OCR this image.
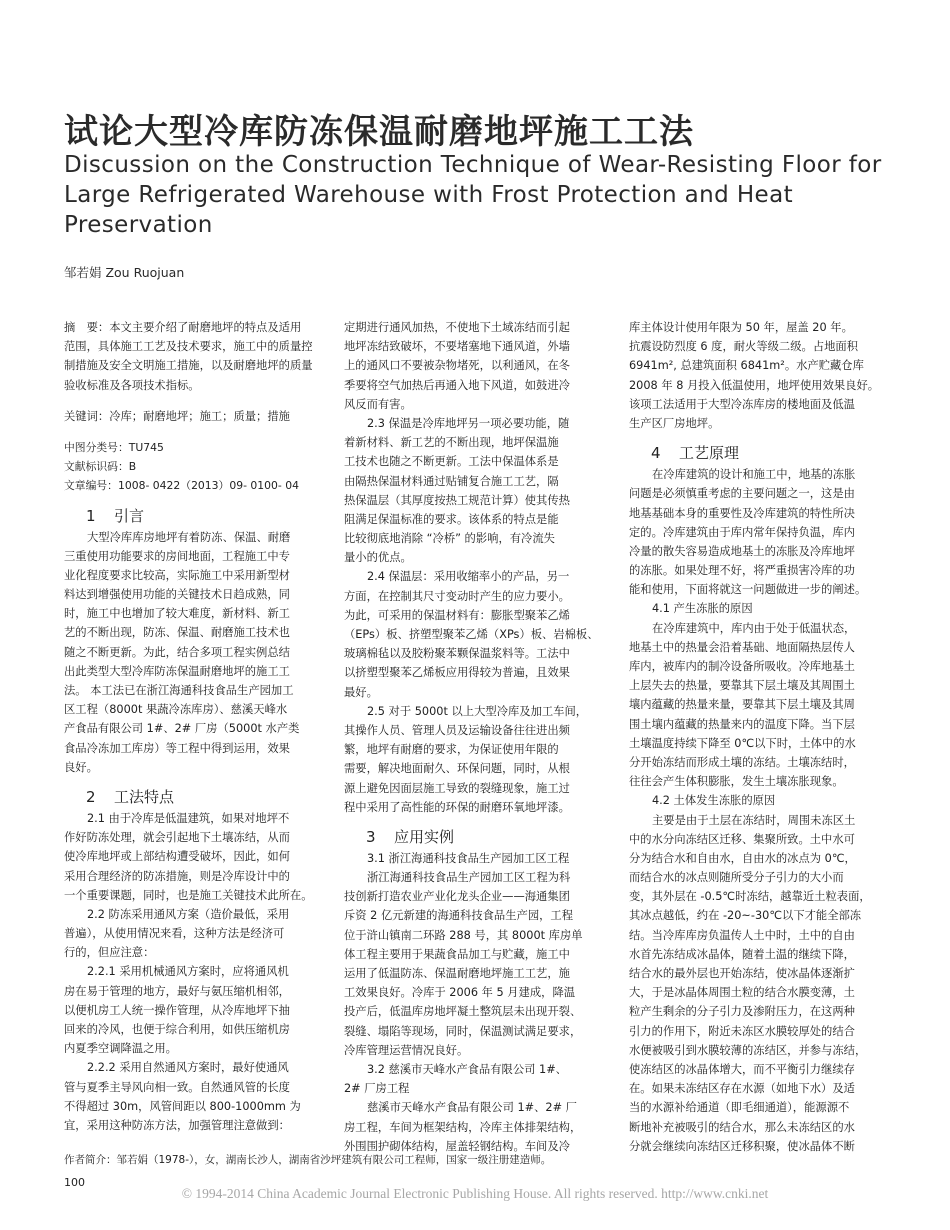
试论大型冷库防冻保温耐磨地坪施工工法
Discussion on the Construction Technique of Wear-Resisting Floor for Large Refrigerated Warehouse with Frost Protection and Heat Preservation
邹若娟 Zou Ruojuan
摘　要：本文主要介绍了耐磨地坪的特点及适用
范围，具体施工工艺及技术要求，施工中的质量控
制措施及安全文明施工措施，以及耐磨地坪的质量
验收标准及各项技术指标。
关键词：冷库；耐磨地坪；施工；质量；措施
中图分类号：TU745
文献标识码：B
文章编号：1008- 0422（2013）09- 0100- 04
1 引言
大型冷库库房地坪有着防冻、保温、耐磨
三重使用功能要求的房间地面，工程施工中专
业化程度要求比较高，实际施工中采用新型材
料达到增强使用功能的关键技术日趋成熟，同
时，施工中也增加了较大难度，新材料、新工
艺的不断出现，防冻、保温、耐磨施工技术也
随之不断更新。为此，结合多项工程实例总结
出此类型大型冷库防冻保温耐磨地坪的施工工
法。 本工法已在浙江海通科技食品生产园加工
区工程（8000t 果蔬冷冻库房）、慈溪天峰水
产食品有限公司 1#、2# 厂房（5000t 水产类
食品冷冻加工库房）等工程中得到运用，效果
良好。
2 工法特点
2.1 由于冷库是低温建筑，如果对地坪不
作好防冻处理，就会引起地下土壤冻结，从而
使冷库地坪或上部结构遭受破坏，因此，如何
采用合理经济的防冻措施，则是冷库设计中的
一个重要课题，同时，也是施工关键技术此所在。
2.2 防冻采用通风方案（造价最低，采用
普遍），从使用情况来看，这种方法是经济可
行的，但应注意：
2.2.1 采用机械通风方案时，应将通风机
房在易于管理的地方，最好与氨压缩机相邻，
以便机房工人统一操作管理，从冷库地坪下抽
回来的冷风，也便于综合利用，如供压缩机房
内夏季空调降温之用。
2.2.2 采用自然通风方案时，最好使通风
管与夏季主导风向相一致。自然通风管的长度
不得超过 30m，风管间距以 800-1000mm 为
宜，采用这种防冻方法，加强管理注意做到：
定期进行通风加热，不使地下土域冻结而引起
地坪冻结致破坏，不要堵塞地下通风道，外墙
上的通风口不要被杂物堵死，以利通风，在冬
季要将空气加热后再通入地下风道，如鼓进冷
风反而有害。
2.3 保温是冷库地坪另一项必要功能，随
着新材料、新工艺的不断出现，地坪保温施
工技术也随之不断更新。工法中保温体系是
由隔热保温材料通过贴铺复合施工工艺，隔
热保温层（其厚度按热工规范计算）使其传热
阻满足保温标准的要求。该体系的特点是能
比较彻底地消除 “冷桥” 的影响，有冷流失
量小的优点。
2.4 保温层：采用收缩率小的产品，另一
方面，在控制其尺寸变动时产生的应力要小。
为此，可采用的保温材料有：膨胀型聚苯乙烯
（EPs）板、挤塑型聚苯乙烯（XPs）板、岩棉板、
玻璃棉毡以及胶粉聚苯颗保温浆料等。工法中
以挤塑型聚苯乙烯板应用得较为普遍，且效果
最好。
2.5 对于 5000t 以上大型冷库及加工车间，
其操作人员、管理人员及运输设备往往进出频
繁，地坪有耐磨的要求，为保证使用年限的
需要，解决地面耐久、环保问题，同时，从根
源上避免因面层施工导致的裂缝现象，施工过
程中采用了高性能的环保的耐磨环氧地坪漆。
3 应用实例
3.1 浙江海通科技食品生产园加工区工程
浙江海通科技食品生产园加工区工程为科
技创新打造农业产业化龙头企业——海通集团
斥资 2 亿元新建的海通科技食品生产园，工程
位于浒山镇南二环路 288 号，其 8000t 库房单
体工程主要用于果蔬食品加工与贮藏，施工中
运用了低温防冻、保温耐磨地坪施工工艺，施
工效果良好。冷库于 2006 年 5 月建成，降温
投产后，低温库房地坪凝土整筑层未出现开裂、
裂缝、塌陷等现场，同时，保温测试满足要求，
冷库管理运营情况良好。
3.2 慈溪市天峰水产食品有限公司 1#、
2# 厂房工程
慈溪市天峰水产食品有限公司 1#、2# 厂
房工程，车间为框架结构，冷库主体排架结构，
外围围护砌体结构，屋盖轻钢结构。车间及冷
库主体设计使用年限为 50 年，屋盖 20 年。
抗震设防烈度 6 度，耐火等级二级。占地面积
6941m², 总建筑面积 6841m²。水产贮藏仓库
2008 年 8 月投入低温使用，地坪使用效果良好。
该项工法适用于大型冷冻库房的楼地面及低温
生产区厂房地坪。
4 工艺原理
在冷库建筑的设计和施工中，地基的冻胀
问题是必须慎重考虑的主要问题之一，这是由
地基基础本身的重要性及冷库建筑的特性所决
定的。冷库建筑由于库内常年保持负温，库内
冷量的散失容易造成地基土的冻胀及冷库地坪
的冻胀。如果处理不好，将严重损害冷库的功
能和使用，下面将就这一问题做进一步的阐述。
4.1 产生冻胀的原因
在冷库建筑中，库内由于处于低温状态，
地基土中的热量会沿着基础、地面隔热层传人
库内，被库内的制冷设备所吸收。冷库地基土
上层失去的热量，要靠其下层土壤及其周围土
壤内蕴藏的热量来量，要靠其下层土壤及其周
围土壤内蕴藏的热量来内的温度下降。当下层
土壤温度持续下降至 0℃以下时，土体中的水
分开始冻结而形成土壤的冻结。土壤冻结时，
往往会产生体积膨胀，发生土壤冻胀现象。
4.2 土体发生冻胀的原因
主要是由于土层在冻结时，周围未冻区土
中的水分向冻结区迁移、集聚所致。土中水可
分为结合水和自由水，自由水的冰点为 0℃，
而结合水的冰点则随所受分子引力的大小而
变，其外层在 -0.5℃时冻结，越靠近土粒表面，
其冰点越低，约在 -20~-30℃以下才能全部冻
结。当冷库库房负温传人土中时，土中的自由
水首先冻结成冰晶体，随着土温的继续下降，
结合水的最外层也开始冻结，使冰晶体逐渐扩
大，于是冰晶体周围土粒的结合水膜变薄，土
粒产生剩余的分子引力及渗附压力，在这两种
引力的作用下，附近未冻区水膜较厚处的结合
水便被吸引到水膜较薄的冻结区，并参与冻结，
使冻结区的冰晶体增大，而不平衡引力继续存
在。如果未冻结区存在水源（如地下水）及适
当的水源补给通道（即毛细通道），能源源不
断地补充被吸引的结合水，那么未冻结区的水
分就会继续向冻结区迁移积聚，使冰晶体不断
作者简介：邹若娟（1978-），女，湖南长沙人，湖南省沙坪建筑有限公司工程师，国家一级注册建造师。
100
© 1994-2014 China Academic Journal Electronic Publishing House. All rights reserved. http://www.cnki.net
